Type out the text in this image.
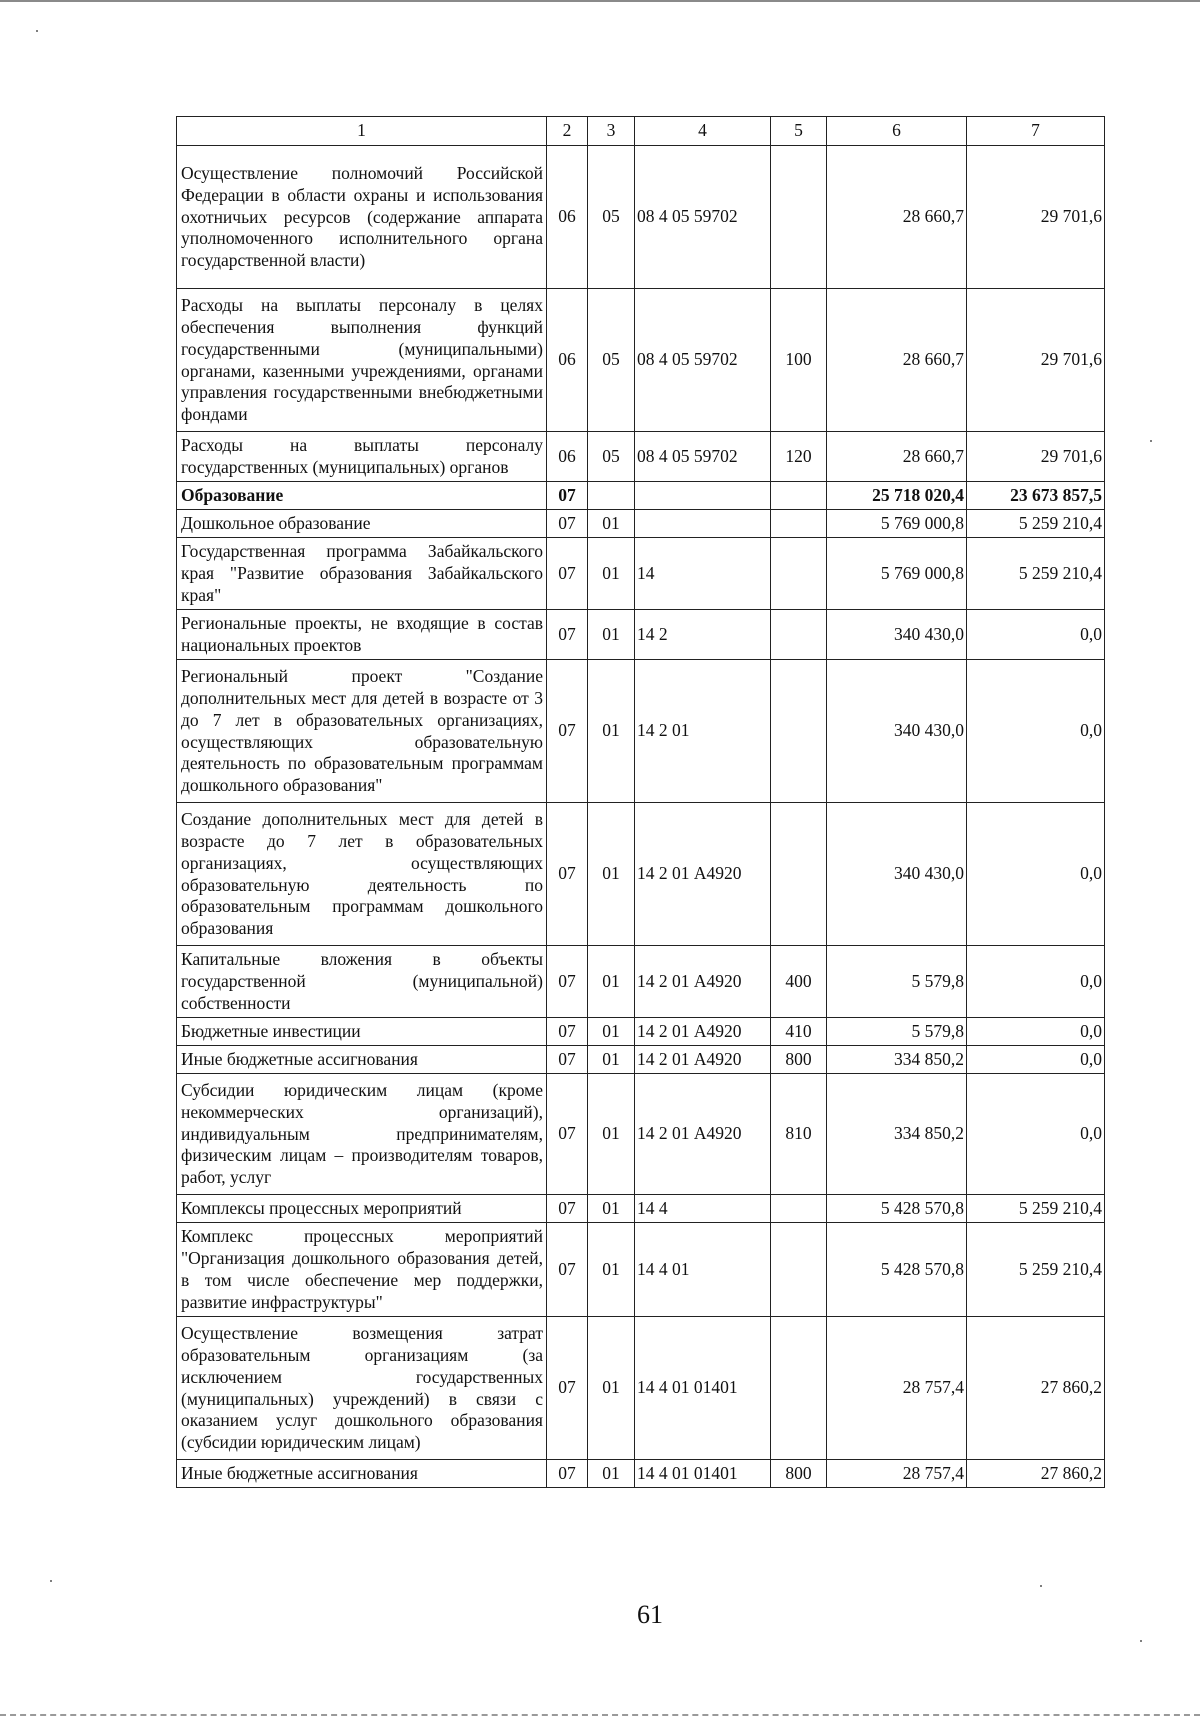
1	2	3	4	5	6	7
Осуществление полномочий Российской Федерации в области охраны и использования охотничьих ресурсов (содержание аппарата уполномоченного исполнительного органа государственной власти)	06	05	08 4 05 59702		28 660,7	29 701,6
Расходы на выплаты персоналу в целях обеспечения выполнения функций государственными (муниципальными) органами, казенными учреждениями, органами управления государственными внебюджетными фондами	06	05	08 4 05 59702	100	28 660,7	29 701,6
Расходы на выплаты персоналу государственных (муниципальных) органов	06	05	08 4 05 59702	120	28 660,7	29 701,6
Образование	07				25 718 020,4	23 673 857,5
Дошкольное образование	07	01			5 769 000,8	5 259 210,4
Государственная программа Забайкальского края "Развитие образования Забайкальского края"	07	01	14		5 769 000,8	5 259 210,4
Региональные проекты, не входящие в состав национальных проектов	07	01	14 2		340 430,0	0,0
Региональный проект "Создание дополнительных мест для детей в возрасте от 3 до 7 лет в образовательных организациях, осуществляющих образовательную деятельность по образовательным программам дошкольного образования"	07	01	14 2 01		340 430,0	0,0
Создание дополнительных мест для детей в возрасте до 7 лет в образовательных организациях, осуществляющих образовательную деятельность по образовательным программам дошкольного образования	07	01	14 2 01 А4920		340 430,0	0,0
Капитальные вложения в объекты государственной (муниципальной) собственности	07	01	14 2 01 А4920	400	5 579,8	0,0
Бюджетные инвестиции	07	01	14 2 01 А4920	410	5 579,8	0,0
Иные бюджетные ассигнования	07	01	14 2 01 А4920	800	334 850,2	0,0
Субсидии юридическим лицам (кроме некоммерческих организаций), индивидуальным предпринимателям, физическим лицам – производителям товаров, работ, услуг	07	01	14 2 01 А4920	810	334 850,2	0,0
Комплексы процессных мероприятий	07	01	14 4		5 428 570,8	5 259 210,4
Комплекс процессных мероприятий "Организация дошкольного образования детей, в том числе обеспечение мер поддержки, развитие инфраструктуры"	07	01	14 4 01		5 428 570,8	5 259 210,4
Осуществление возмещения затрат образовательным организациям (за исключением государственных (муниципальных) учреждений) в связи с оказанием услуг дошкольного образования (субсидии юридическим лицам)	07	01	14 4 01 01401		28 757,4	27 860,2
Иные бюджетные ассигнования	07	01	14 4 01 01401	800	28 757,4	27 860,2
61
